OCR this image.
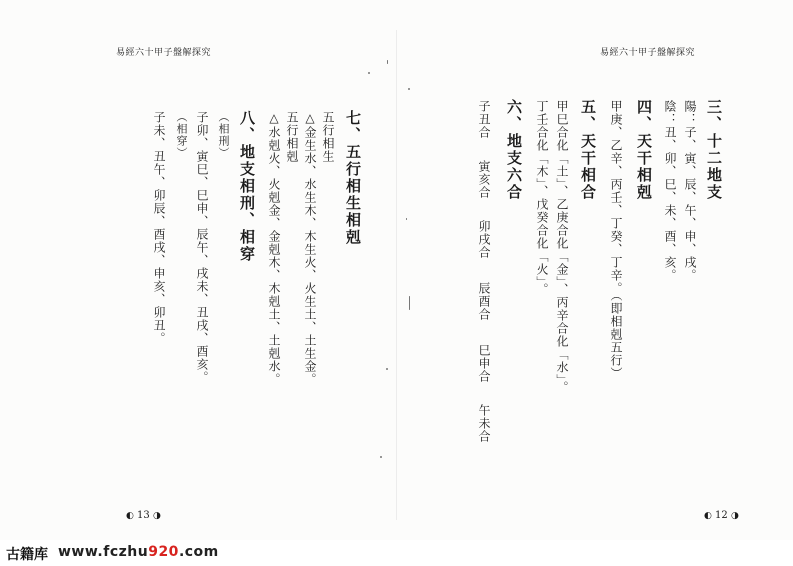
易經六十甲子盤解探究	易經六十甲子盤解探究
三、十二地支
陽：子、寅、辰、午、申、戌。
陰：丑、卯、巳、未、酉、亥。
四、天干相剋
甲庚、乙辛、丙壬、丁癸、丁辛。（即相剋五行）
五、天干相合
甲巳合化「土」、乙庚合化「金」、丙辛合化「水」。
丁壬合化「木」、戊癸合化「火」。
六、地支六合
子丑合
寅亥合
卯戌合
辰酉合
巳申合
午未合
七、五行相生相剋
五行相生
△金生水、水生木、木生火、火生土、土生金。
五行相剋
△水剋火、火剋金、金剋木、木剋土、土剋水。
八、地支相刑、相穿
（相刑）
子卯、寅巳、巳申、辰午、戌未、丑戌、酉亥。
（相穿）
子未、丑午、卯辰、酉戌、申亥、卯丑。
◐ 13 ◑	◐ 12 ◑
古籍库 www.fczhu920.com
